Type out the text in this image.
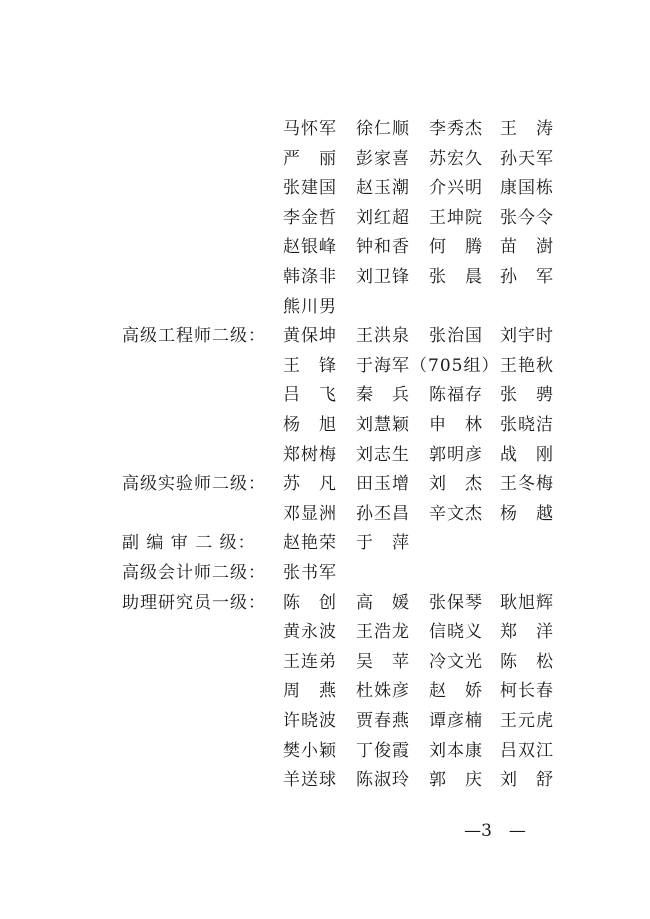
马怀军 徐仁顺 李秀杰 王　涛
严　丽 彭家喜 苏宏久 孙天军
张建国 赵玉潮 介兴明 康国栋
李金哲 刘红超 王坤院 张今令
赵银峰 钟和香 何　腾 苗　澍
韩涤非 刘卫锋 张　晨 孙　军
熊川男
高级工程师二级： 黄保坤 王洪泉 张治国 刘宇时
王　锋 于海军（705组） 王艳秋
吕　飞 秦　兵 陈福存 张　骋
杨　旭 刘慧颖 申　林 张晓洁
郑树梅 刘志生 郭明彦 战　刚
高级实验师二级： 苏　凡 田玉增 刘　杰 王冬梅
邓显洲 孙丕昌 辛文杰 杨　越
副 编 审 二 级：	赵艳荣 于　萍
高级会计师二级： 张书军
助理研究员一级： 陈　创 高　媛 张保琴 耿旭辉
黄永波 王浩龙 信晓义 郑　洋
王连弟 吴　苹 冷文光 陈　松
周　燕 杜姝彦 赵　娇 柯长春
许晓波 贾春燕 谭彦楠 王元虎
樊小颖 丁俊霞 刘本康 吕双江
羊送球 陈淑玲 郭　庆 刘　舒
—3　—
